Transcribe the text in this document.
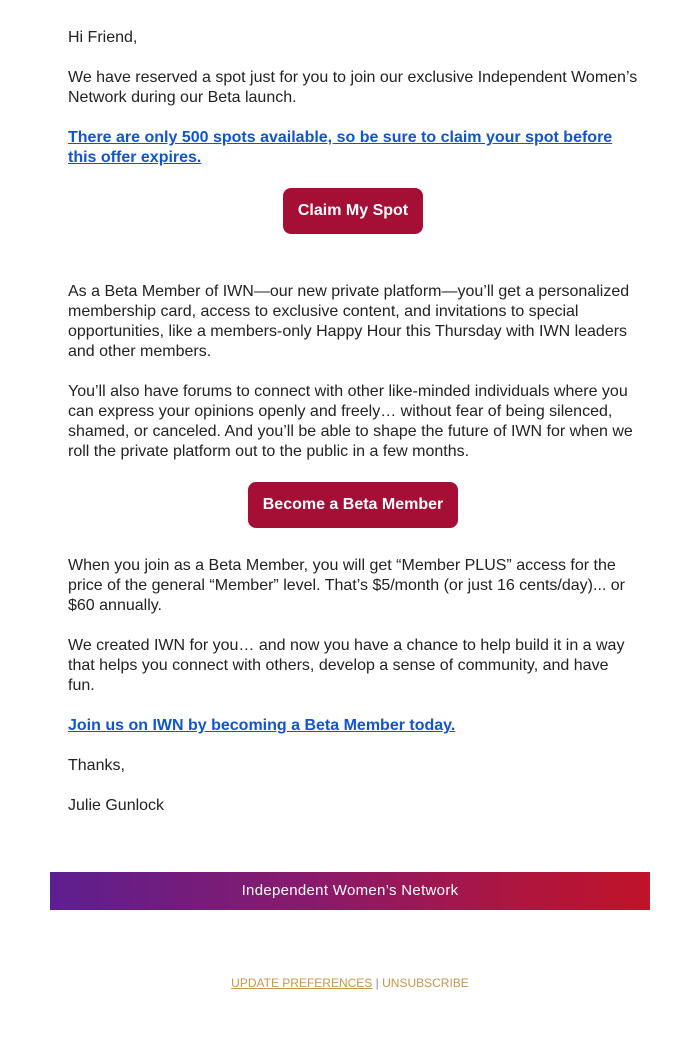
Hi Friend,

We have reserved a spot just for you to join our exclusive Independent Women’s Network during our Beta launch.

There are only 500 spots available, so be sure to claim your spot before this offer expires.

Claim My Spot

As a Beta Member of IWN—our new private platform—you’ll get a personalized membership card, access to exclusive content, and invitations to special opportunities, like a members-only Happy Hour this Thursday with IWN leaders and other members.

You’ll also have forums to connect with other like-minded individuals where you can express your opinions openly and freely… without fear of being silenced, shamed, or canceled. And you’ll be able to shape the future of IWN for when we roll the private platform out to the public in a few months.

Become a Beta Member

When you join as a Beta Member, you will get “Member PLUS” access for the price of the general “Member” level. That’s $5/month (or just 16 cents/day)... or $60 annually.

We created IWN for you… and now you have a chance to help build it in a way that helps you connect with others, develop a sense of community, and have fun.

Join us on IWN by becoming a Beta Member today.

Thanks,

Julie Gunlock

Independent Women’s Network
UPDATE PREFERENCES | UNSUBSCRIBE
